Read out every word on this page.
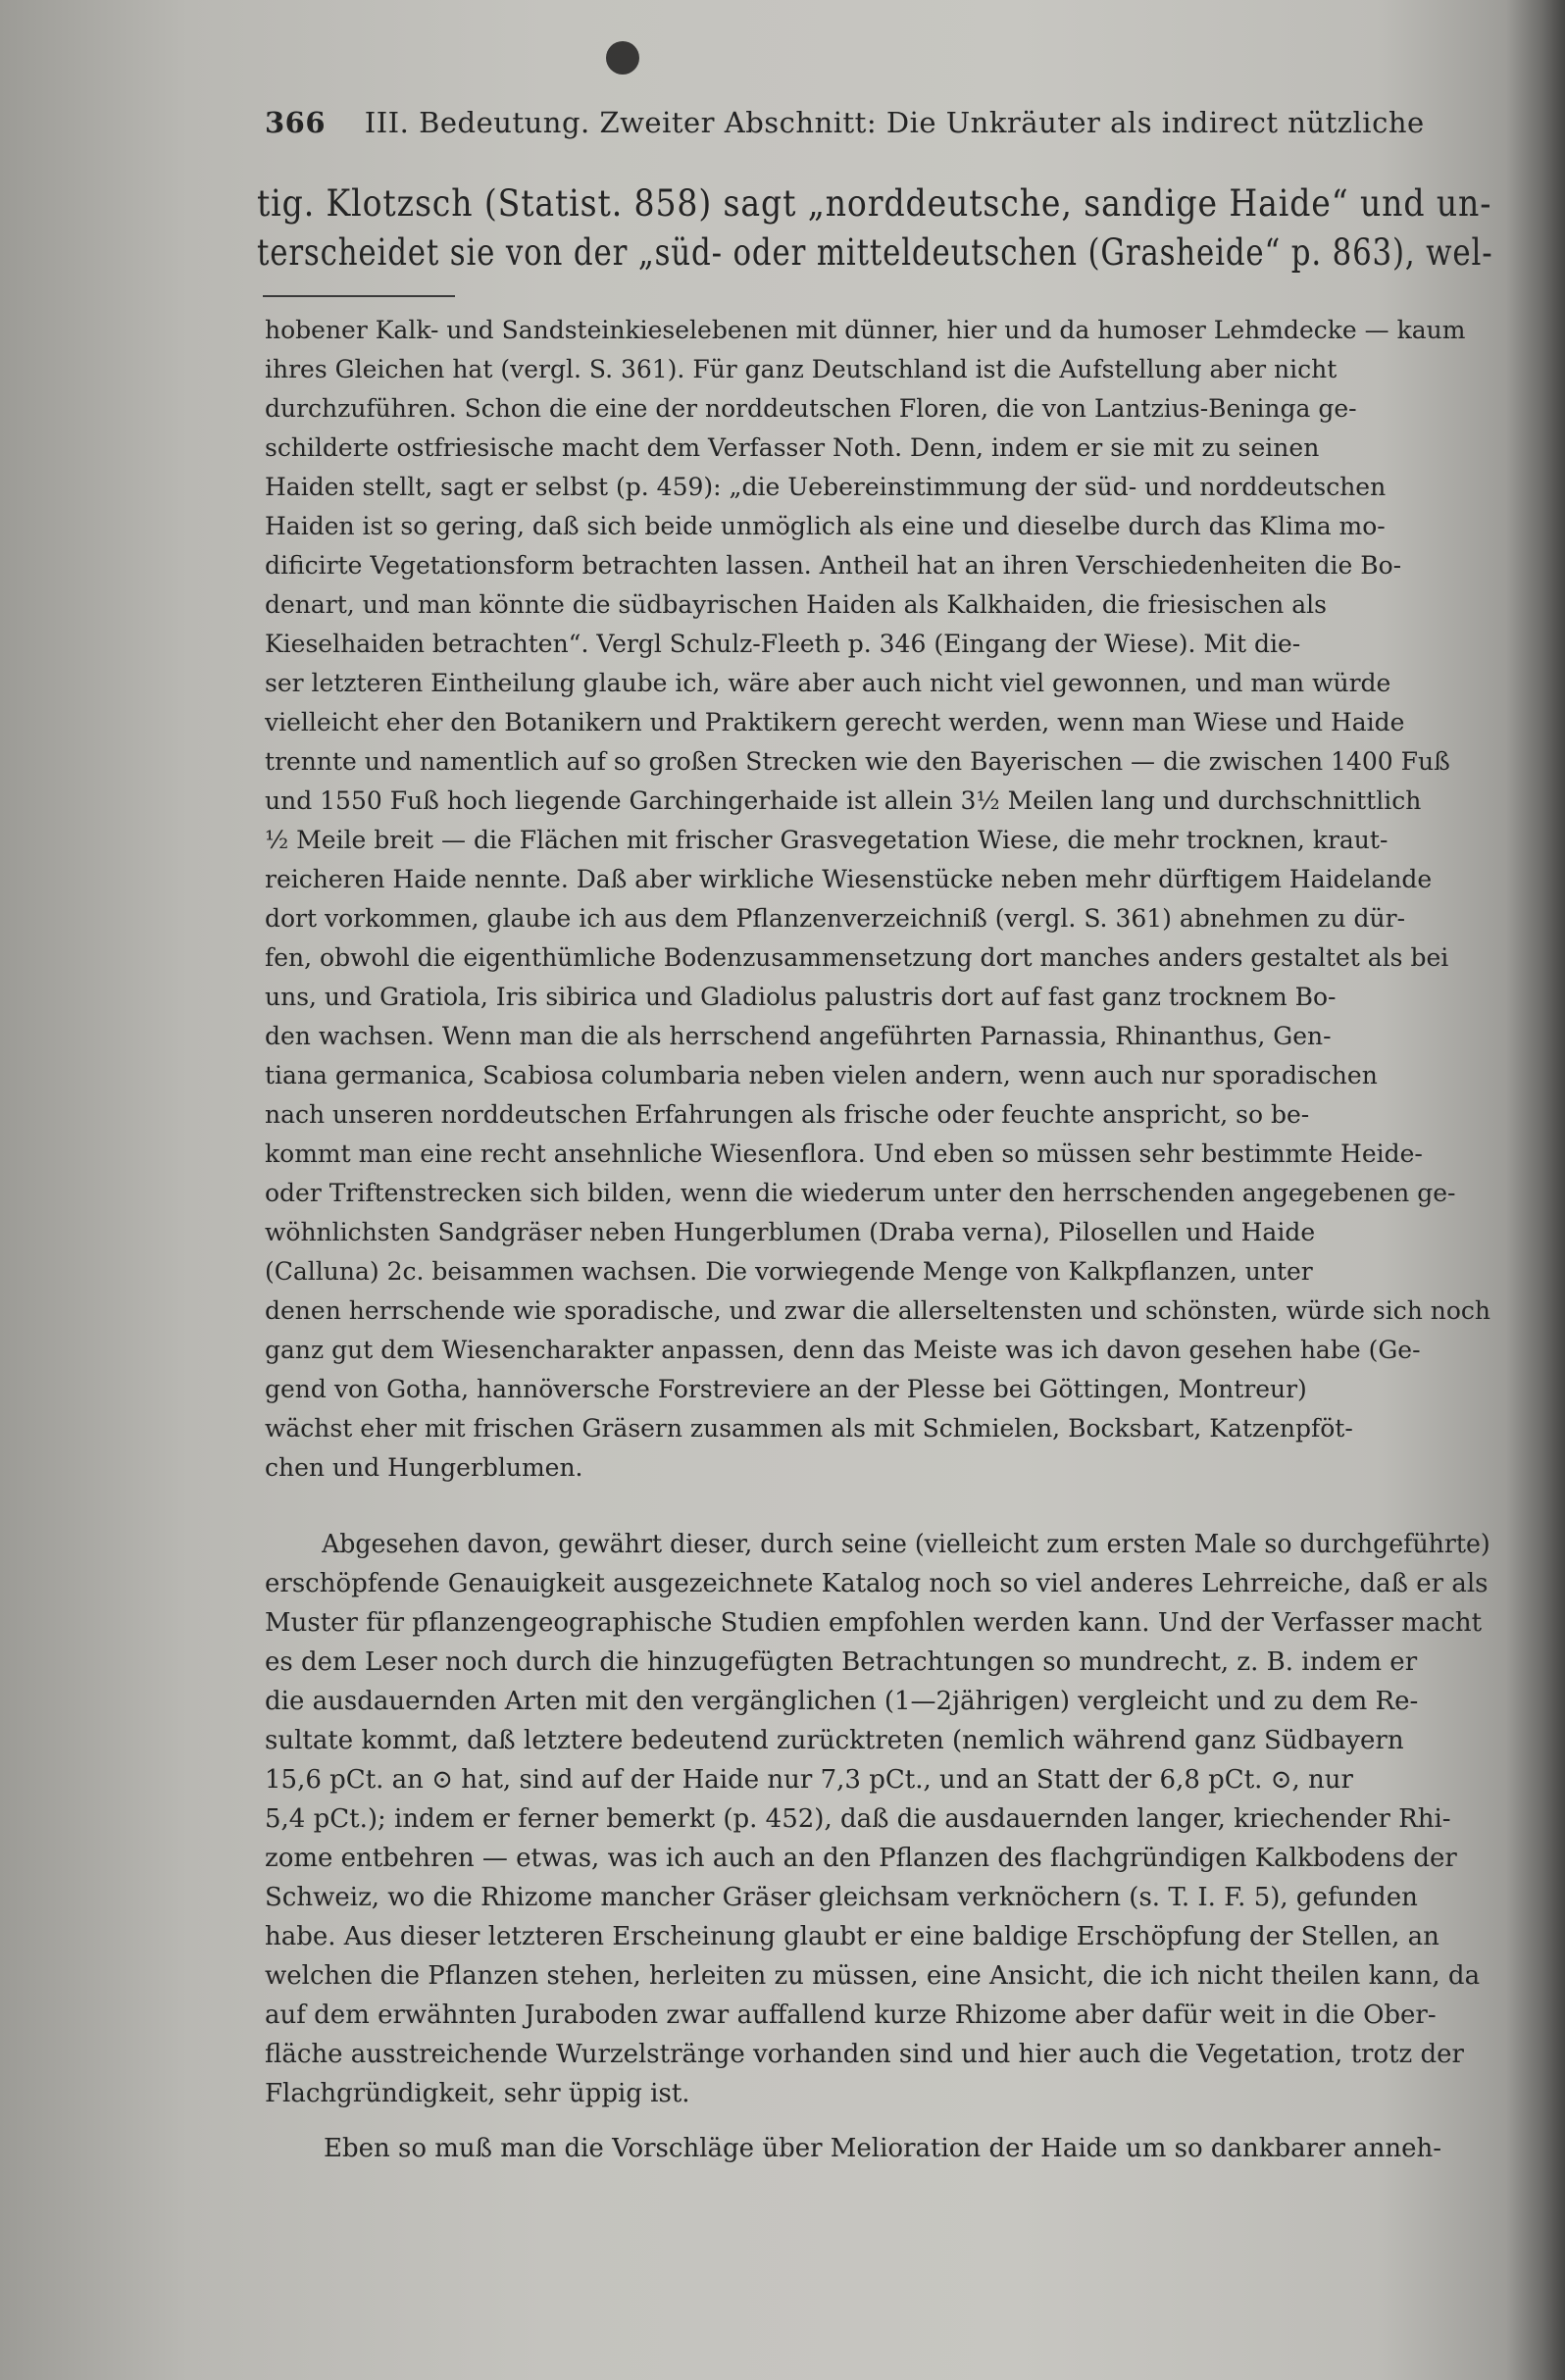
366 III. Bedeutung. Zweiter Abschnitt: Die Unkräuter als indirect nützliche
tig. Klotzsch (Statist. 858) sagt „norddeutsche, sandige Haide“ und un-
terscheidet sie von der „süd- oder mitteldeutschen (Grasheide“ p. 863), wel-
hobener Kalk- und Sandsteinkieselebenen mit dünner, hier und da humoser Lehmdecke — kaum
ihres Gleichen hat (vergl. S. 361). Für ganz Deutschland ist die Aufstellung aber nicht
durchzuführen. Schon die eine der norddeutschen Floren, die von Lantzius-Beninga ge-
schilderte ostfriesische macht dem Verfasser Noth. Denn, indem er sie mit zu seinen
Haiden stellt, sagt er selbst (p. 459): „die Uebereinstimmung der süd- und norddeutschen
Haiden ist so gering, daß sich beide unmöglich als eine und dieselbe durch das Klima mo-
dificirte Vegetationsform betrachten lassen. Antheil hat an ihren Verschiedenheiten die Bo-
denart, und man könnte die südbayrischen Haiden als Kalkhaiden, die friesischen als
Kieselhaiden betrachten“. Vergl Schulz-Fleeth p. 346 (Eingang der Wiese). Mit die-
ser letzteren Eintheilung glaube ich, wäre aber auch nicht viel gewonnen, und man würde
vielleicht eher den Botanikern und Praktikern gerecht werden, wenn man Wiese und Haide
trennte und namentlich auf so großen Strecken wie den Bayerischen — die zwischen 1400 Fuß
und 1550 Fuß hoch liegende Garchingerhaide ist allein 3½ Meilen lang und durchschnittlich
½ Meile breit — die Flächen mit frischer Grasvegetation Wiese, die mehr trocknen, kraut-
reicheren Haide nennte. Daß aber wirkliche Wiesenstücke neben mehr dürftigem Haidelande
dort vorkommen, glaube ich aus dem Pflanzenverzeichniß (vergl. S. 361) abnehmen zu dür-
fen, obwohl die eigenthümliche Bodenzusammensetzung dort manches anders gestaltet als bei
uns, und Gratiola, Iris sibirica und Gladiolus palustris dort auf fast ganz trocknem Bo-
den wachsen. Wenn man die als herrschend angeführten Parnassia, Rhinanthus, Gen-
tiana germanica, Scabiosa columbaria neben vielen andern, wenn auch nur sporadischen
nach unseren norddeutschen Erfahrungen als frische oder feuchte anspricht, so be-
kommt man eine recht ansehnliche Wiesenflora. Und eben so müssen sehr bestimmte Heide-
oder Triftenstrecken sich bilden, wenn die wiederum unter den herrschenden angegebenen ge-
wöhnlichsten Sandgräser neben Hungerblumen (Draba verna), Pilosellen und Haide
(Calluna) 2c. beisammen wachsen. Die vorwiegende Menge von Kalkpflanzen, unter
denen herrschende wie sporadische, und zwar die allerseltensten und schönsten, würde sich noch
ganz gut dem Wiesencharakter anpassen, denn das Meiste was ich davon gesehen habe (Ge-
gend von Gotha, hannöversche Forstreviere an der Plesse bei Göttingen, Montreur)
wächst eher mit frischen Gräsern zusammen als mit Schmielen, Bocksbart, Katzenpföt-
chen und Hungerblumen.
Abgesehen davon, gewährt dieser, durch seine (vielleicht zum ersten Male so durchgeführte)
erschöpfende Genauigkeit ausgezeichnete Katalog noch so viel anderes Lehrreiche, daß er als
Muster für pflanzengeographische Studien empfohlen werden kann. Und der Verfasser macht
es dem Leser noch durch die hinzugefügten Betrachtungen so mundrecht, z. B. indem er
die ausdauernden Arten mit den vergänglichen (1—2jährigen) vergleicht und zu dem Re-
sultate kommt, daß letztere bedeutend zurücktreten (nemlich während ganz Südbayern
15,6 pCt. an ⊙ hat, sind auf der Haide nur 7,3 pCt., und an Statt der 6,8 pCt. ⊙, nur
5,4 pCt.); indem er ferner bemerkt (p. 452), daß die ausdauernden langer, kriechender Rhi-
zome entbehren — etwas, was ich auch an den Pflanzen des flachgründigen Kalkbodens der
Schweiz, wo die Rhizome mancher Gräser gleichsam verknöchern (s. T. I. F. 5), gefunden
habe. Aus dieser letzteren Erscheinung glaubt er eine baldige Erschöpfung der Stellen, an
welchen die Pflanzen stehen, herleiten zu müssen, eine Ansicht, die ich nicht theilen kann, da
auf dem erwähnten Juraboden zwar auffallend kurze Rhizome aber dafür weit in die Ober-
fläche ausstreichende Wurzelstränge vorhanden sind und hier auch die Vegetation, trotz der
Flachgründigkeit, sehr üppig ist.
Eben so muß man die Vorschläge über Melioration der Haide um so dankbarer anneh-
